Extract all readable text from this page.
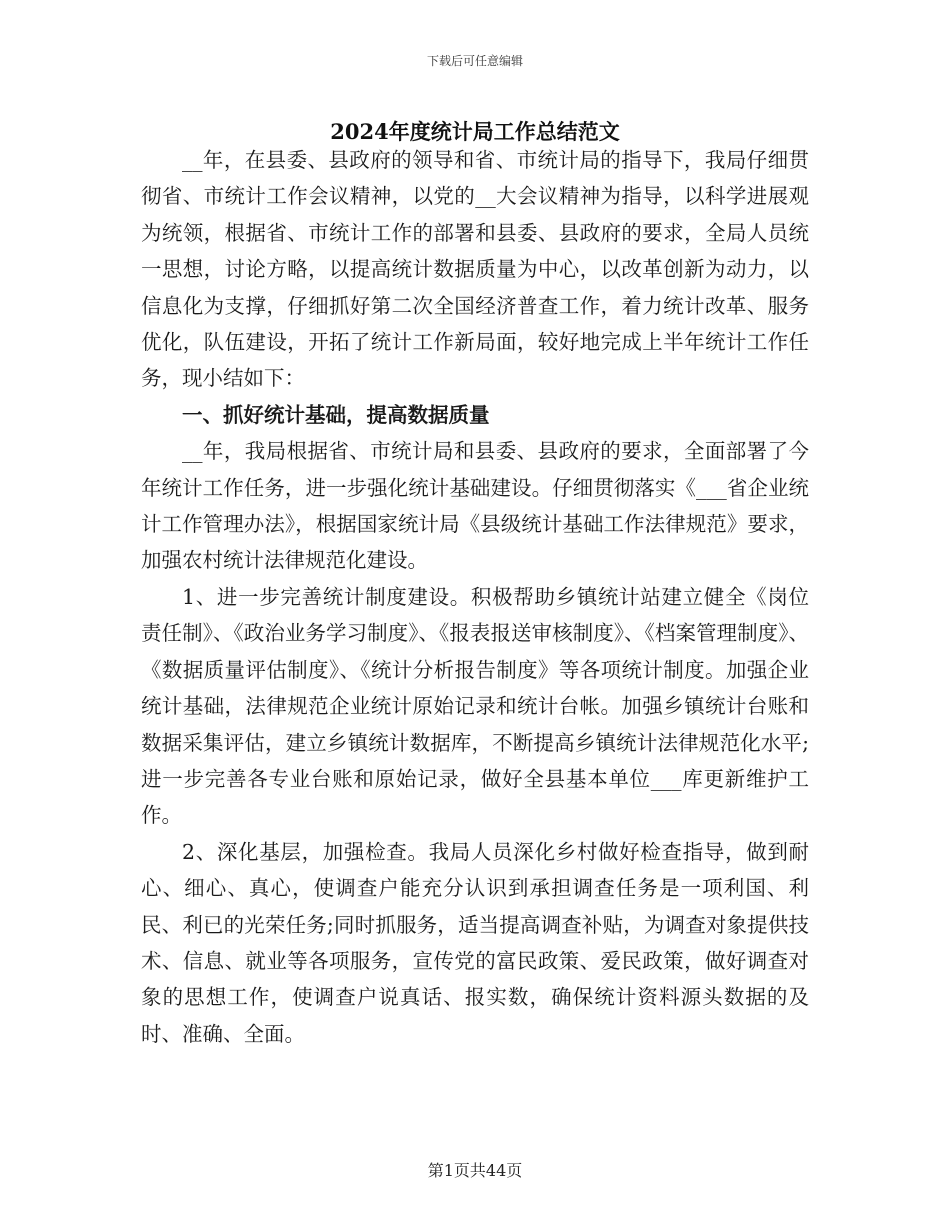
下载后可任意编辑
2024年度统计局工作总结范文

__年，在县委、县政府的领导和省、市统计局的指导下，我局仔细贯彻省、市统计工作会议精神，以党的__大会议精神为指导，以科学进展观为统领，根据省、市统计工作的部署和县委、县政府的要求，全局人员统一思想，讨论方略，以提高统计数据质量为中心，以改革创新为动力，以信息化为支撑，仔细抓好第二次全国经济普查工作，着力统计改革、服务优化，队伍建设，开拓了统计工作新局面，较好地完成上半年统计工作任务，现小结如下：

一、抓好统计基础，提高数据质量

__年，我局根据省、市统计局和县委、县政府的要求，全面部署了今年统计工作任务，进一步强化统计基础建设。仔细贯彻落实《___省企业统计工作管理办法》，根据国家统计局《县级统计基础工作法律规范》要求，加强农村统计法律规范化建设。

1、进一步完善统计制度建设。积极帮助乡镇统计站建立健全《岗位责任制》、《政治业务学习制度》、《报表报送审核制度》、《档案管理制度》、《数据质量评估制度》、《统计分析报告制度》等各项统计制度。加强企业统计基础，法律规范企业统计原始记录和统计台帐。加强乡镇统计台账和数据采集评估，建立乡镇统计数据库，不断提高乡镇统计法律规范化水平;进一步完善各专业台账和原始记录，做好全县基本单位___库更新维护工作。

2、深化基层，加强检查。我局人员深化乡村做好检查指导，做到耐心、细心、真心，使调查户能充分认识到承担调查任务是一项利国、利民、利已的光荣任务;同时抓服务，适当提高调查补贴，为调查对象提供技术、信息、就业等各项服务，宣传党的富民政策、爱民政策，做好调查对象的思想工作，使调查户说真话、报实数，确保统计资料源头数据的及时、准确、全面。

第1页共44页
